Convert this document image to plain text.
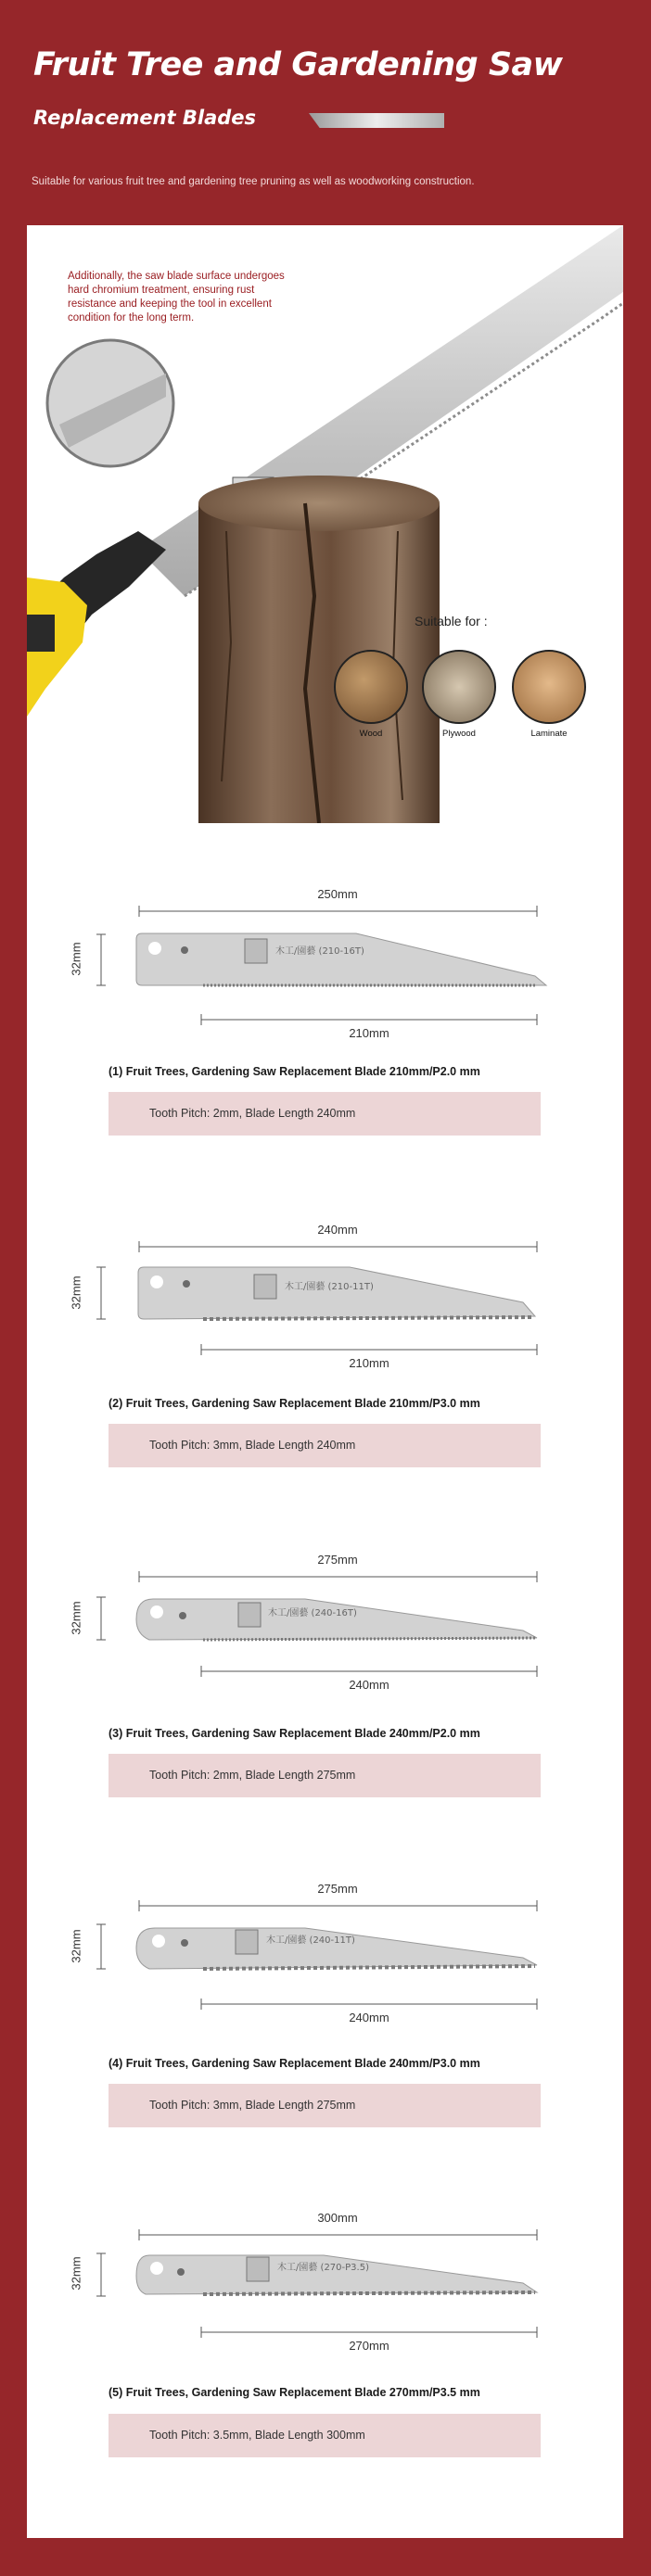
Fruit Tree and Gardening Saw
Replacement Blades
Suitable for various fruit tree and gardening tree pruning as well as woodworking construction.
Additionally, the saw blade surface undergoes hard chromium treatment, ensuring rust resistance and keeping the tool in excellent condition for the long term.
Suitable for :
Wood	Plywood	Laminate
木工/園藝 (210-16T)
250mm
210mm
32mm
(1) Fruit Trees, Gardening Saw Replacement Blade 210mm/P2.0 mm
Tooth Pitch: 2mm, Blade Length 240mm
木工/園藝 (210-11T)
240mm
210mm
32mm
(2) Fruit Trees, Gardening Saw Replacement Blade 210mm/P3.0 mm
Tooth Pitch: 3mm, Blade Length 240mm
木工/園藝 (240-16T)
275mm
240mm
32mm
(3) Fruit Trees, Gardening Saw Replacement Blade 240mm/P2.0 mm
Tooth Pitch: 2mm, Blade Length 275mm
木工/園藝 (240-11T)
275mm
240mm
32mm
(4) Fruit Trees, Gardening Saw Replacement Blade 240mm/P3.0 mm
Tooth Pitch: 3mm, Blade Length 275mm
木工/園藝 (270-P3.5)
300mm
270mm
32mm
(5) Fruit Trees, Gardening Saw Replacement Blade 270mm/P3.5 mm
Tooth Pitch: 3.5mm, Blade Length 300mm
